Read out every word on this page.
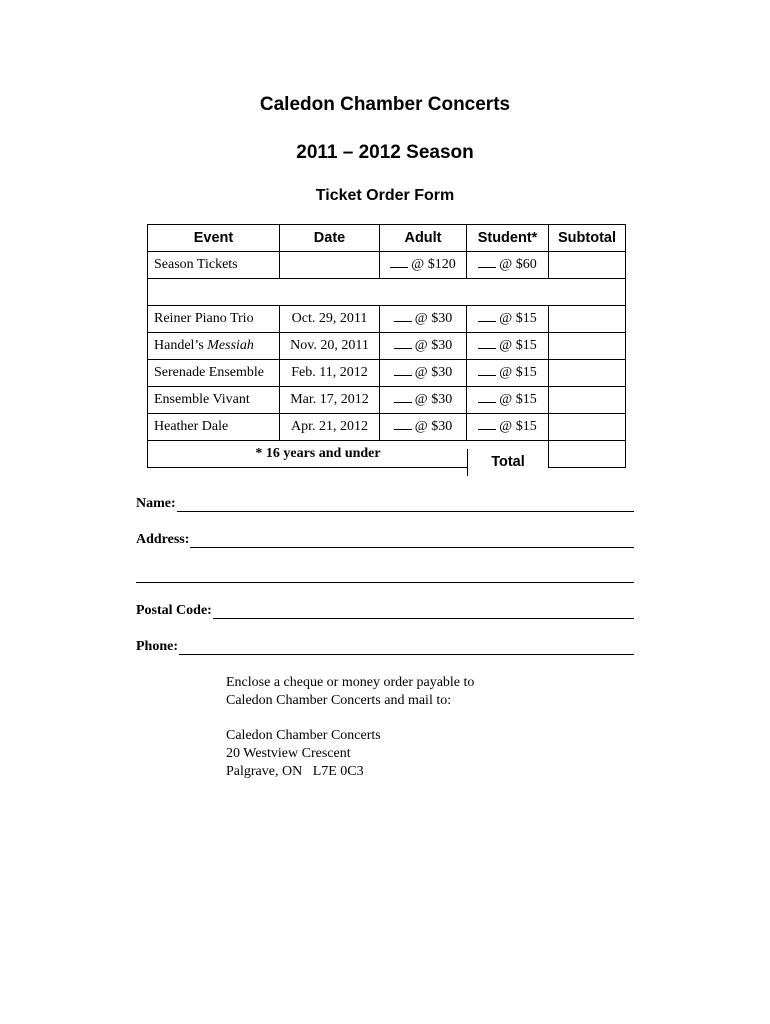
Caledon Chamber Concerts
2011 – 2012 Season
Ticket Order Form
Event	Date	Adult	Student*	Subtotal
Season Tickets		@ $120	@ $60	

Reiner Piano Trio	Oct. 29, 2011	@ $30	@ $15	
Handel’s Messiah	Nov. 20, 2011	@ $30	@ $15	
Serenade Ensemble	Feb. 11, 2012	@ $30	@ $15	
Ensemble Vivant	Mar. 17, 2012	@ $30	@ $15	
Heather Dale	Apr. 21, 2012	@ $30	@ $15	
* 16 years and under				
Total
Name:
Address:
Postal Code:
Phone:
Enclose a cheque or money order payable to
Caledon Chamber Concerts and mail to:
Caledon Chamber Concerts
20 Westview Crescent
Palgrave, ON   L7E 0C3
